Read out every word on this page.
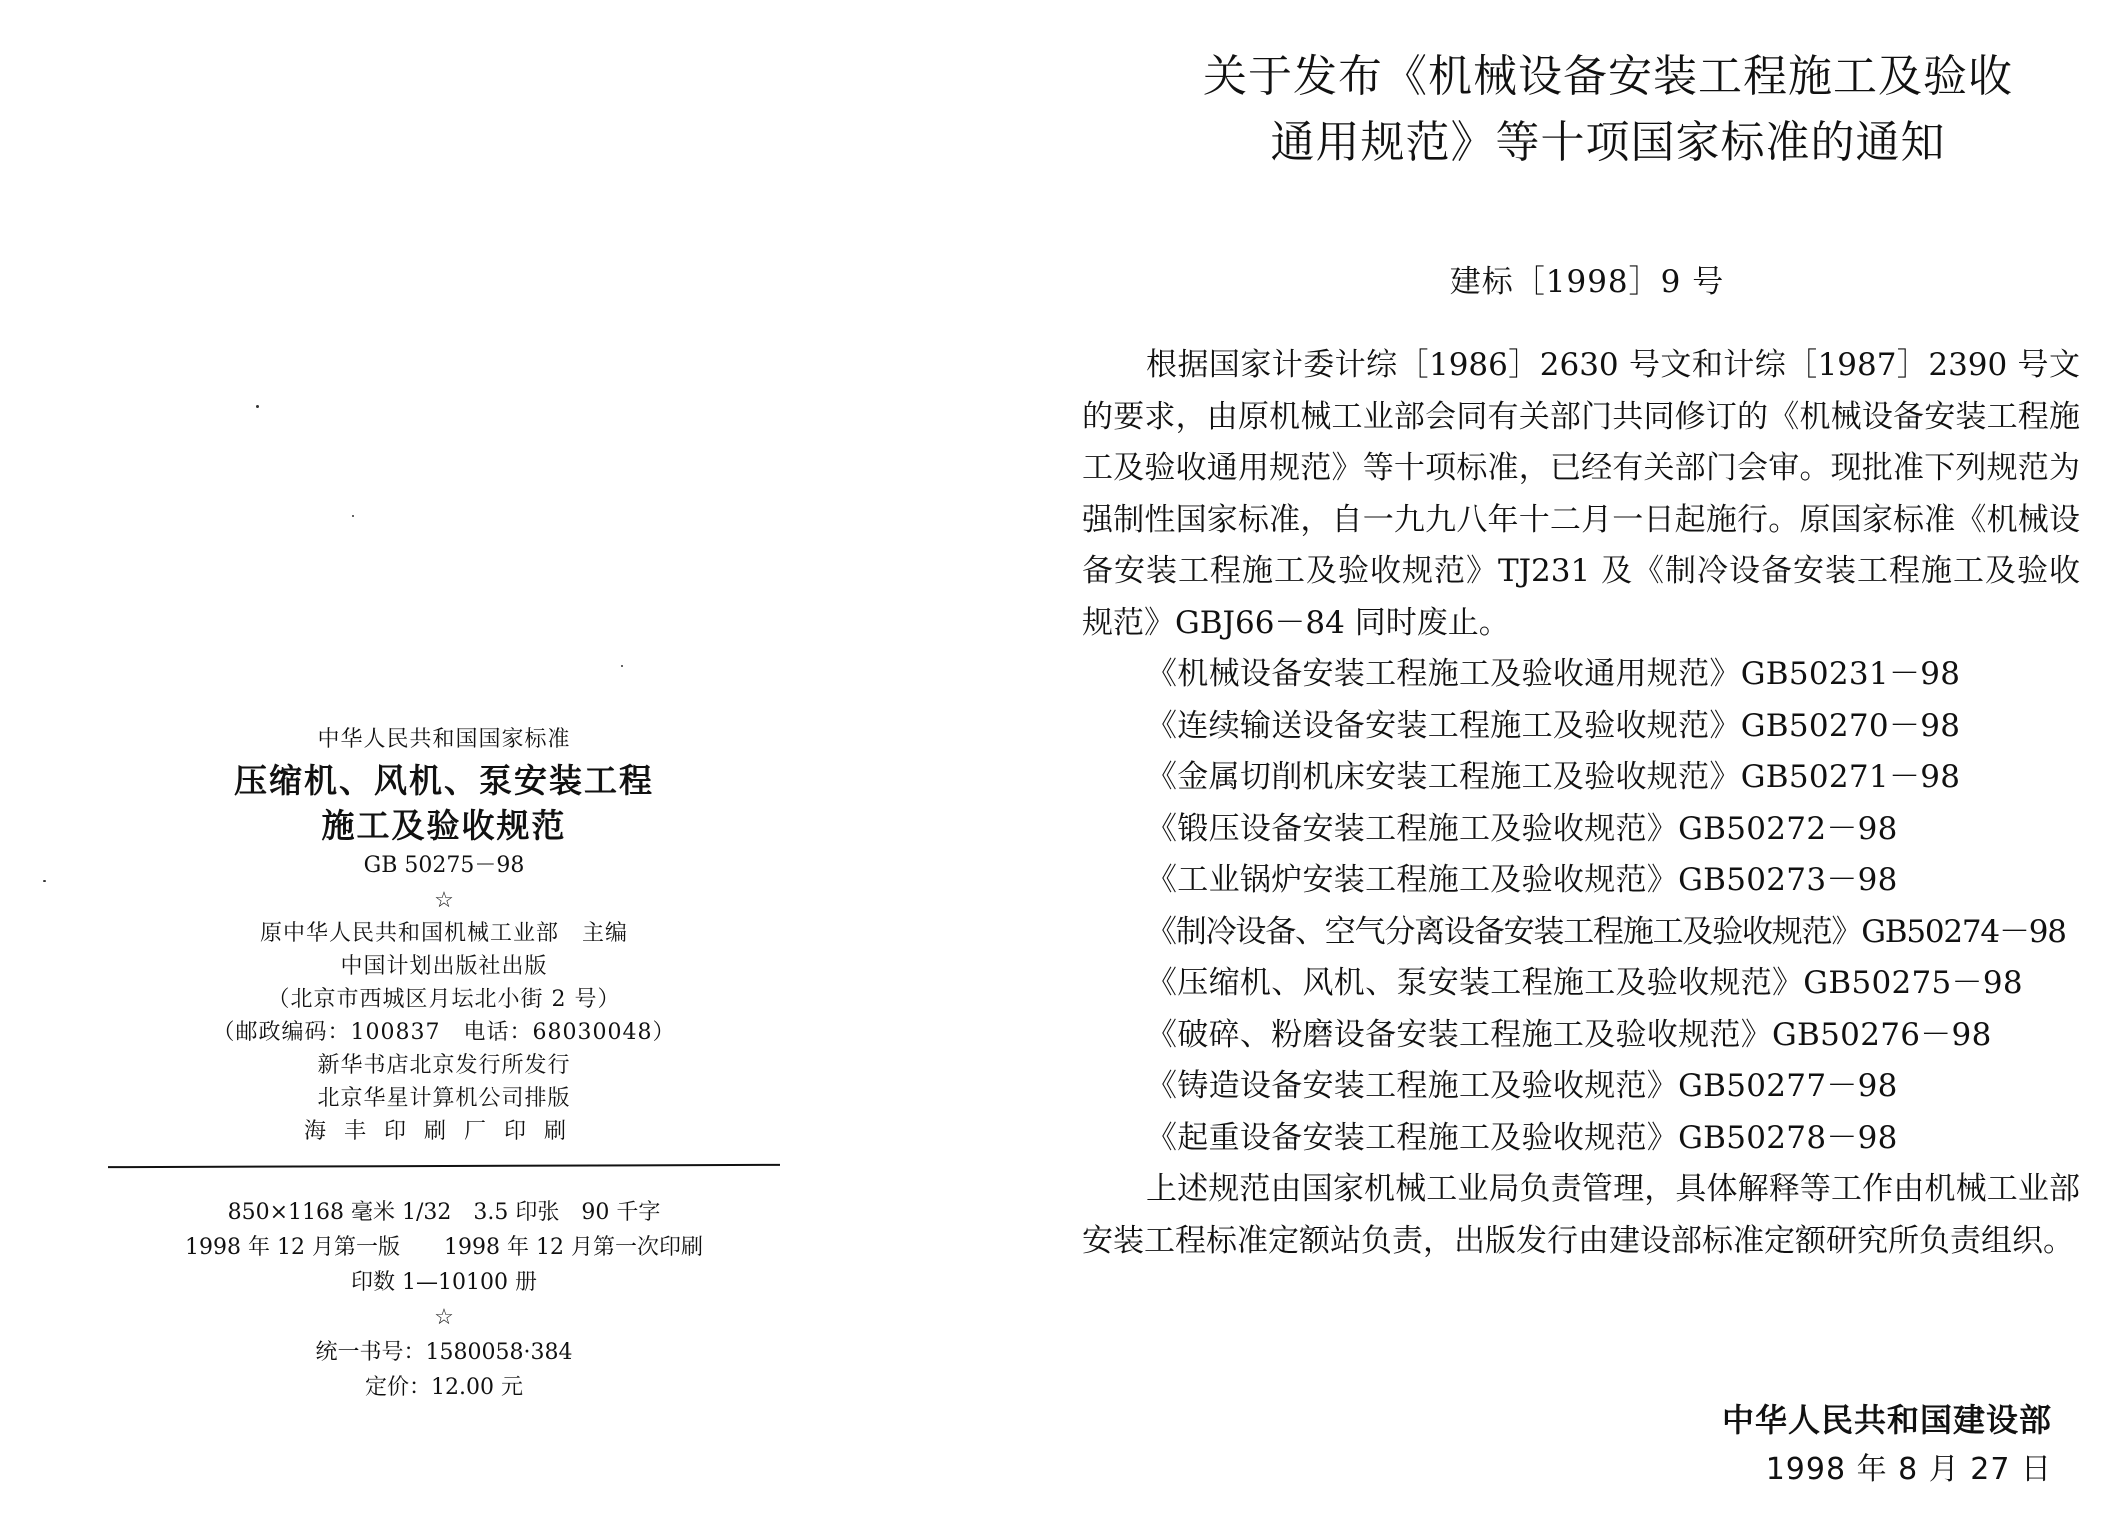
中华人民共和国国家标准
压缩机、风机、泵安装工程
施工及验收规范
GB 50275－98
☆
原中华人民共和国机械工业部　主编
中国计划出版社出版
（北京市西城区月坛北小街 2 号）
（邮政编码：100837　电话：68030048）
新华书店北京发行所发行
北京华星计算机公司排版
海丰印刷厂印刷
850×1168 毫米 1/32　3.5 印张　90 千字
1998 年 12 月第一版　　1998 年 12 月第一次印刷
印数 1—10100 册
☆
统一书号：1580058·384
定价：12.00 元
关于发布《机械设备安装工程施工及验收
通用规范》等十项国家标准的通知
建标［1998］9 号

根据国家计委计综［1986］2630 号文和计综［1987］2390 号文的要求，由原机械工业部会同有关部门共同修订的《机械设备安装工程施工及验收通用规范》等十项标准，已经有关部门会审。现批准下列规范为强制性国家标准，自一九九八年十二月一日起施行。原国家标准《机械设备安装工程施工及验收规范》TJ231 及《制冷设备安装工程施工及验收规范》GBJ66－84 同时废止。

《机械设备安装工程施工及验收通用规范》GB50231－98
《连续输送设备安装工程施工及验收规范》GB50270－98
《金属切削机床安装工程施工及验收规范》GB50271－98
《锻压设备安装工程施工及验收规范》GB50272－98
《工业锅炉安装工程施工及验收规范》GB50273－98
《制冷设备、空气分离设备安装工程施工及验收规范》GB50274－98
《压缩机、风机、泵安装工程施工及验收规范》GB50275－98
《破碎、粉磨设备安装工程施工及验收规范》GB50276－98
《铸造设备安装工程施工及验收规范》GB50277－98
《起重设备安装工程施工及验收规范》GB50278－98

上述规范由国家机械工业局负责管理，具体解释等工作由机械工业部安装工程标准定额站负责，出版发行由建设部标准定额研究所负责组织。

中华人民共和国建设部
1998 年 8 月 27 日
